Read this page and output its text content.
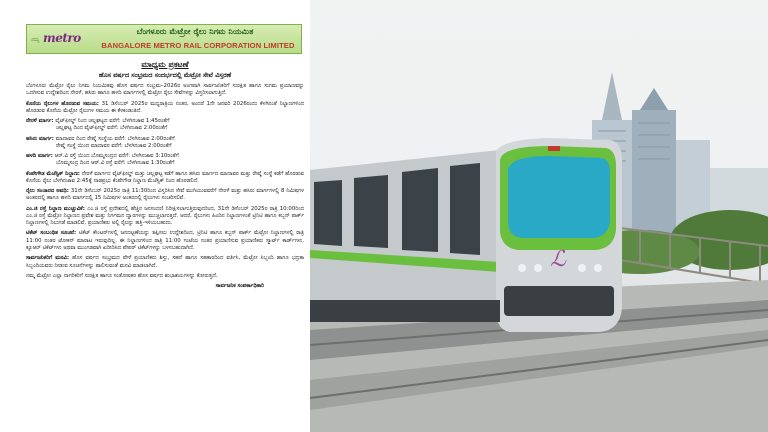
ನಮ್ಮ metro	ಬೆಂಗಳೂರು ಮೆಟ್ರೋ ರೈಲು ನಿಗಮ ನಿಯಮಿತ
BANGALORE METRO RAIL CORPORATION LIMITED

ಮಾಧ್ಯಮ ಪ್ರಕಟಣೆ

ಹೊಸ ವರ್ಷದ ಸಂಭ್ರಮದ ಸಂದರ್ಭದಲ್ಲಿ ಮೆಟ್ರೋ ಸೇವೆ ವಿಸ್ತರಣೆ

ಬೆಂಗಳೂರು ಮೆಟ್ರೋ ರೈಲು ನಿಗಮ ನಿಯಮಿತವು ಹೊಸ ವರ್ಷದ ಸಂಭ್ರಮ–2026ರ ಅಂಗವಾಗಿ ಸಾರ್ವಜನಿಕರಿಗೆ ಸುರಕ್ಷಿತ ಹಾಗೂ ಸುಗಮ ಪ್ರಯಾಣವನ್ನು ಒದಗಿಸುವ ಉದ್ದೇಶದಿಂದ ನೇರಳೆ, ಹಸಿರು ಹಾಗೂ ಹಳದಿ ಮಾರ್ಗಗಳಲ್ಲಿ ಮೆಟ್ರೋ ರೈಲು ಸೇವೆಗಳನ್ನು ವಿಸ್ತರಿಸಲಾಗುತ್ತಿದೆ.

ಕೊನೆಯ ರೈಲುಗಳ ಹೊರಡುವ ಸಮಯ: 31 ಡಿಸೆಂಬರ್ 2025ರ ಮಧ್ಯರಾತ್ರಿಯ ನಂತರ, ಅಂದರೆ 1ನೇ ಜನವರಿ 2026ರಂದು ಕೆಳಗಿನಂತೆ ನಿಲ್ದಾಣಗಳಿಂದ ಹೊರಡುವ ಕೊನೆಯ ಮೆಟ್ರೋ ರೈಲುಗಳ ಸಮಯ ಈ ಕೆಳಕಂಡಂತಿದೆ.

ನೇರಳೆ ಮಾರ್ಗ: ವೈಟ್‌ಫೀಲ್ಡ್ ನಿಂದ ಚಲ್ಲಘಟ್ಟದ ವರೆಗೆ: ಬೆಳಗಿನಜಾವ 1:45ರಂತೆಗೆ
ಚಲ್ಲಘಟ್ಟ ದಿಂದ ವೈಟ್‌ಫೀಲ್ಡ್ ವರೆಗೆ: ಬೆಳಗಿನಜಾವ 2:00ರಂತೆಗೆ

ಹಸಿರು ಮಾರ್ಗ: ಮಾದಾವರ ದಿಂದ ರೇಷ್ಮೆ ಸಂಸ್ಥೆಯ ವರೆಗೆ: ಬೆಳಗಿನಜಾವ 2:00ರಂತೆಗೆ
ರೇಷ್ಮೆ ಸಂಸ್ಥೆ ಯಿಂದ ಮಾದಾವರ ವರೆಗೆ: ಬೆಳಗಿನಜಾವ 2:00ರಂತೆಗೆ

ಹಳದಿ ಮಾರ್ಗ: ಆರ್.ವಿ ರಸ್ತೆ ಯಿಂದ ಬೊಮ್ಮಸಂದ್ರದ ವರೆಗೆ: ಬೆಳಗಿನಜಾವ 3:10ರಂತೆಗೆ
ಬೊಮ್ಮಸಂದ್ರ ದಿಂದ ಆರ್.ವಿ ರಸ್ತೆ ವರೆಗೆ: ಬೆಳಗಿನಜಾವ 1:30ರಂತೆಗೆ

ಕೆಂಪೇಗೌಡ ಮೆಜೆಸ್ಟಿಕ್ ನಿಲ್ದಾಣ: ನೇರಳೆ ಮಾರ್ಗದ ವೈಟ್‌ಫೀಲ್ಡ್ ಮತ್ತು ಚಲ್ಲಘಟ್ಟ ಕಡೆಗೆ ಹಾಗೂ ಹಸಿರು ಮಾರ್ಗದ ಮಾದಾವರ ಮತ್ತು ರೇಷ್ಮೆ ಸಂಸ್ಥೆ ಕಡೆಗೆ ಹೊರಡುವ ಕೊನೆಯ ರೈಲು ಬೆಳಗಿನಜಾವ 2:45ಕ್ಕೆ ನಾಡಪ್ರಭು ಕೆಂಪೇಗೌಡ ನಿಲ್ದಾಣ ಮೆಜೆಸ್ಟಿಕ್ ನಿಂದ ಹೊರಡಲಿದೆ.

ರೈಲು ಸಂಚಾರದ ಅವಧಿ: 31ನೇ ಡಿಸೆಂಬರ್ 2025ರ ರಾತ್ರಿ 11:30ರಿಂದ ವಿಸ್ತರಿಸಿದ ಸೇವೆ ಮುಗಿಯುವವರೆಗೆ ನೇರಳೆ ಮತ್ತು ಹಸಿರು ಮಾರ್ಗಗಳಲ್ಲಿ 8 ನಿಮಿಷಗಳ ಅಂತರದಲ್ಲಿ ಹಾಗೂ ಹಳದಿ ಮಾರ್ಗದಲ್ಲಿ 15 ನಿಮಿಷಗಳ ಅಂತರದಲ್ಲಿ ರೈಲುಗಳು ಸಂಚರಿಸಲಿವೆ.

ಎಂ.ಜಿ ರಸ್ತೆ ನಿಲ್ದಾಣ ಮುಚ್ಚುವಿಕೆ: ಎಂ.ಜಿ ರಸ್ತೆ ಪ್ರದೇಶದಲ್ಲಿ ಹೆಚ್ಚಿನ ಜನಸಂದಣಿ ನಿರೀಕ್ಷಿಸಲಾಗುತ್ತಿರುವುದರಿಂದ, 31ನೇ ಡಿಸೆಂಬರ್ 2025ರ ರಾತ್ರಿ 10:00ರಿಂದ ಎಂ.ಜಿ ರಸ್ತೆ ಮೆಟ್ರೋ ನಿಲ್ದಾಣದ ಪ್ರವೇಶ ಮತ್ತು ನಿರ್ಗಮನ ದ್ವಾರಗಳನ್ನು ಮುಚ್ಚಲಾಗುತ್ತದೆ. ಆದರೆ, ರೈಲುಗಳು ಹಿಂದಿನ ನಿಲ್ದಾಣಗಳಂತೆ ಟ್ರಿನಿಟಿ ಹಾಗೂ ಕಬ್ಬನ್ ಪಾರ್ಕ್ ನಿಲ್ದಾಣಗಳಲ್ಲಿ ನಿಲುಗಡೆ ಮಾಡಲಿವೆ, ಪ್ರಯಾಣಿಕರು ಅಲ್ಲಿ ರೈಲನ್ನು ಹತ್ತಿ-ಇಳಿಯಬಹುದು.

ಟಿಕೆಟ್ ಸಂಬಂಧಿತ ಸೂಚನೆ: ಟಿಕೆಟ್ ಕೌಂಟರ್‌ಗಳಲ್ಲಿ ಜನದಟ್ಟಣೆಯನ್ನು ತಪ್ಪಿಸಲು ಉದ್ದೇಶದಿಂದ, ಟ್ರಿನಿಟಿ ಹಾಗೂ ಕಬ್ಬನ್ ಪಾರ್ಕ್ ಮೆಟ್ರೋ ನಿಲ್ದಾಣಗಳಲ್ಲಿ ರಾತ್ರಿ 11:00 ನಂತರ ಟೋಕನ್ ಮಾರಾಟ ಇರುವುದಿಲ್ಲ. ಈ ನಿಲ್ದಾಣಗಳಿಂದ ರಾತ್ರಿ 11:00 ಗಂಟೆಯ ನಂತರ ಪ್ರಯಾಣಿಸುವ ಪ್ರಯಾಣಿಕರು ಸ್ಮಾರ್ಟ್ ಕಾರ್ಡ್‌ಗಳು, ಕ್ಯೂಆರ್ ಟಿಕೆಟ್‌ಗಳು ಅಥವಾ ಮುಂಗಡವಾಗಿ ಖರೀದಿಸಿದ ಪೇಪರ್ ಟಿಕೆಟ್‌ಗಳನ್ನು ಬಳಸಬಹುದಾಗಿದೆ.

ಸಾರ್ವಜನಿಕರಿಗೆ ಮನವಿ: ಹೊಸ ವರ್ಷದ ಸಂಭ್ರಮದ ವೇಳೆ ಪ್ರಯಾಣಿಕರು ಶಿಸ್ತು, ಸಹನೆ ಹಾಗೂ ಸಹಕಾರದಿಂದ ವರ್ತಿಸಿ, ಮೆಟ್ರೋ ಸಿಬ್ಬಂದಿ ಹಾಗೂ ಭದ್ರತಾ ಸಿಬ್ಬಂದಿಯವರು ನೀಡುವ ಸೂಚನೆಗಳನ್ನು ಪಾಲಿಸುವಂತೆ ಮನವಿ ಮಾಡಲಾಗಿದೆ.

ನಮ್ಮ ಮೆಟ್ರೋ ಎಲ್ಲಾ ನಾಗರಿಕರಿಗೆ ಸುರಕ್ಷಿತ ಹಾಗೂ ಸಂತೋಷಕರ ಹೊಸ ವರ್ಷದ ಶುಭಾಶಯಗಳನ್ನು ಕೋರುತ್ತದೆ.

ಸಾರ್ವಜನಿಕ ಸಂಪರ್ಕಾಧಿಕಾರಿ

ℒ
